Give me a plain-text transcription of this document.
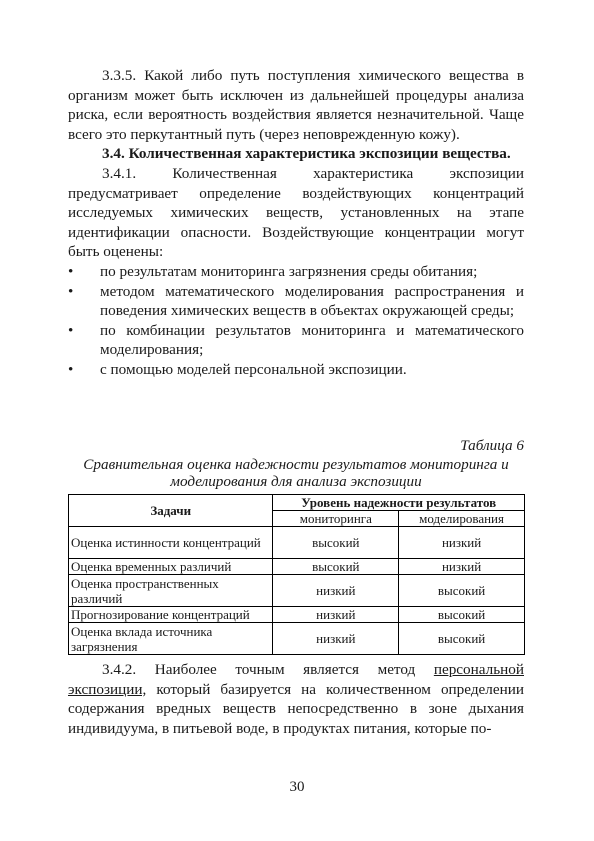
3.3.5. Какой либо путь поступления химического вещества в организм может быть исключен из дальнейшей процедуры анализа риска, если вероятность воздействия является незначительной. Чаще всего это перкутантный путь (через неповрежденную кожу).

3.4. Количественная характеристика экспозиции вещества.

3.4.1. Количественная характеристика экспозиции предусматривает определение воздействующих концентраций исследуемых химических веществ, установленных на этапе идентификации опасности. Воздействующие концентрации могут быть оценены:

• по результатам мониторинга загрязнения среды обитания;
• методом математического моделирования распространения и поведения химических веществ в объектах окружающей среды;
• по комбинации результатов мониторинга и математического моделирования;
• с помощью моделей персональной экспозиции.
Таблица 6
Сравнительная оценка надежности результатов мониторинга и моделирования для анализа экспозиции
Задачи	Уровень надежности результатов	
	мониторинга	моделирования
Оценка истинности концентраций	высокий	низкий
Оценка временных различий	высокий	низкий
Оценка пространственных различий	низкий	высокий
Прогнозирование концентраций	низкий	высокий
Оценка вклада источника загрязнения	низкий	высокий

3.4.2. Наиболее точным является метод персональной экспозиции, который базируется на количественном определении содержания вредных веществ непосредственно в зоне дыхания индивидуума, в питьевой воде, в продуктах питания, которые по-

30
